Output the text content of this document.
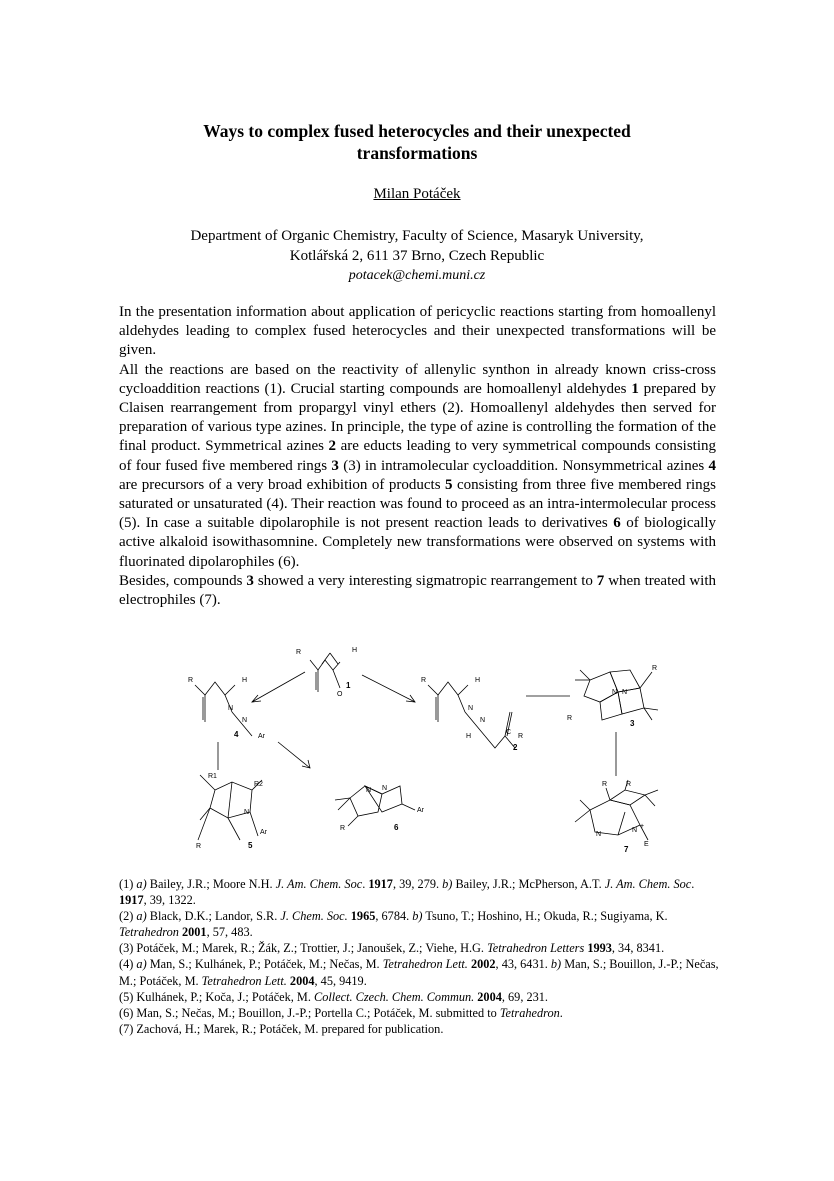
Ways to complex fused heterocycles and their unexpected transformations
Milan Potáček
Department of Organic Chemistry, Faculty of Science, Masaryk University,
Kotlářská 2, 611 37 Brno, Czech Republic
potacek@chemi.muni.cz

In the presentation information about application of pericyclic reactions starting from homoallenyl aldehydes leading to complex fused heterocycles and their unexpected transformations will be given.

All the reactions are based on the reactivity of allenylic synthon in already known criss-cross cycloaddition reactions (1). Crucial starting compounds are homoallenyl aldehydes 1 prepared by Claisen rearrangement from propargyl vinyl ethers (2). Homoallenyl aldehydes then served for preparation of various type azines. In principle, the type of azine is controlling the formation of the final product. Symmetrical azines 2 are educts leading to very symmetrical compounds consisting of four fused five membered rings 3 (3) in intramolecular cycloaddition. Nonsymmetrical azines 4 are precursors of a very broad exhibition of products 5 consisting from three five membered rings saturated or unsaturated (4). Their reaction was found to proceed as an intra-intermolecular process (5). In case a suitable dipolarophile is not present reaction leads to derivatives 6 of biologically active alkaloid isowithasomnine. Completely new transformations were observed on systems with fluorinated dipolarophiles (6).

Besides, compounds 3 showed a very interesting sigmatropic rearrangement to 7 when treated with electrophiles (7).

R	H
O
1
R	H
N
N
Ar
4
R	H
N
N
C
H	R
2
N N
R
R
3
R1
R2
N
Ar
R	5
N N
Ar
R	6
R	R
N
N
+
E
7

(1) a) Bailey, J.R.; Moore N.H. J. Am. Chem. Soc. 1917, 39, 279. b) Bailey, J.R.; McPherson, A.T. J. Am. Chem. Soc. 1917, 39, 1322.

(2) a) Black, D.K.; Landor, S.R. J. Chem. Soc. 1965, 6784. b) Tsuno, T.; Hoshino, H.; Okuda, R.; Sugiyama, K. Tetrahedron 2001, 57, 483.

(3) Potáček, M.; Marek, R.; Žák, Z.; Trottier, J.; Janoušek, Z.; Viehe, H.G. Tetrahedron Letters 1993, 34, 8341.

(4) a) Man, S.; Kulhánek, P.; Potáček, M.; Nečas, M. Tetrahedron Lett. 2002, 43, 6431. b) Man, S.; Bouillon, J.-P.; Nečas, M.; Potáček, M. Tetrahedron Lett. 2004, 45, 9419.

(5) Kulhánek, P.; Koča, J.; Potáček, M. Collect. Czech. Chem. Commun. 2004, 69, 231.

(6) Man, S.; Nečas, M.; Bouillon, J.-P.; Portella C.; Potáček, M. submitted to Tetrahedron.

(7) Zachová, H.; Marek, R.; Potáček, M. prepared for publication.
